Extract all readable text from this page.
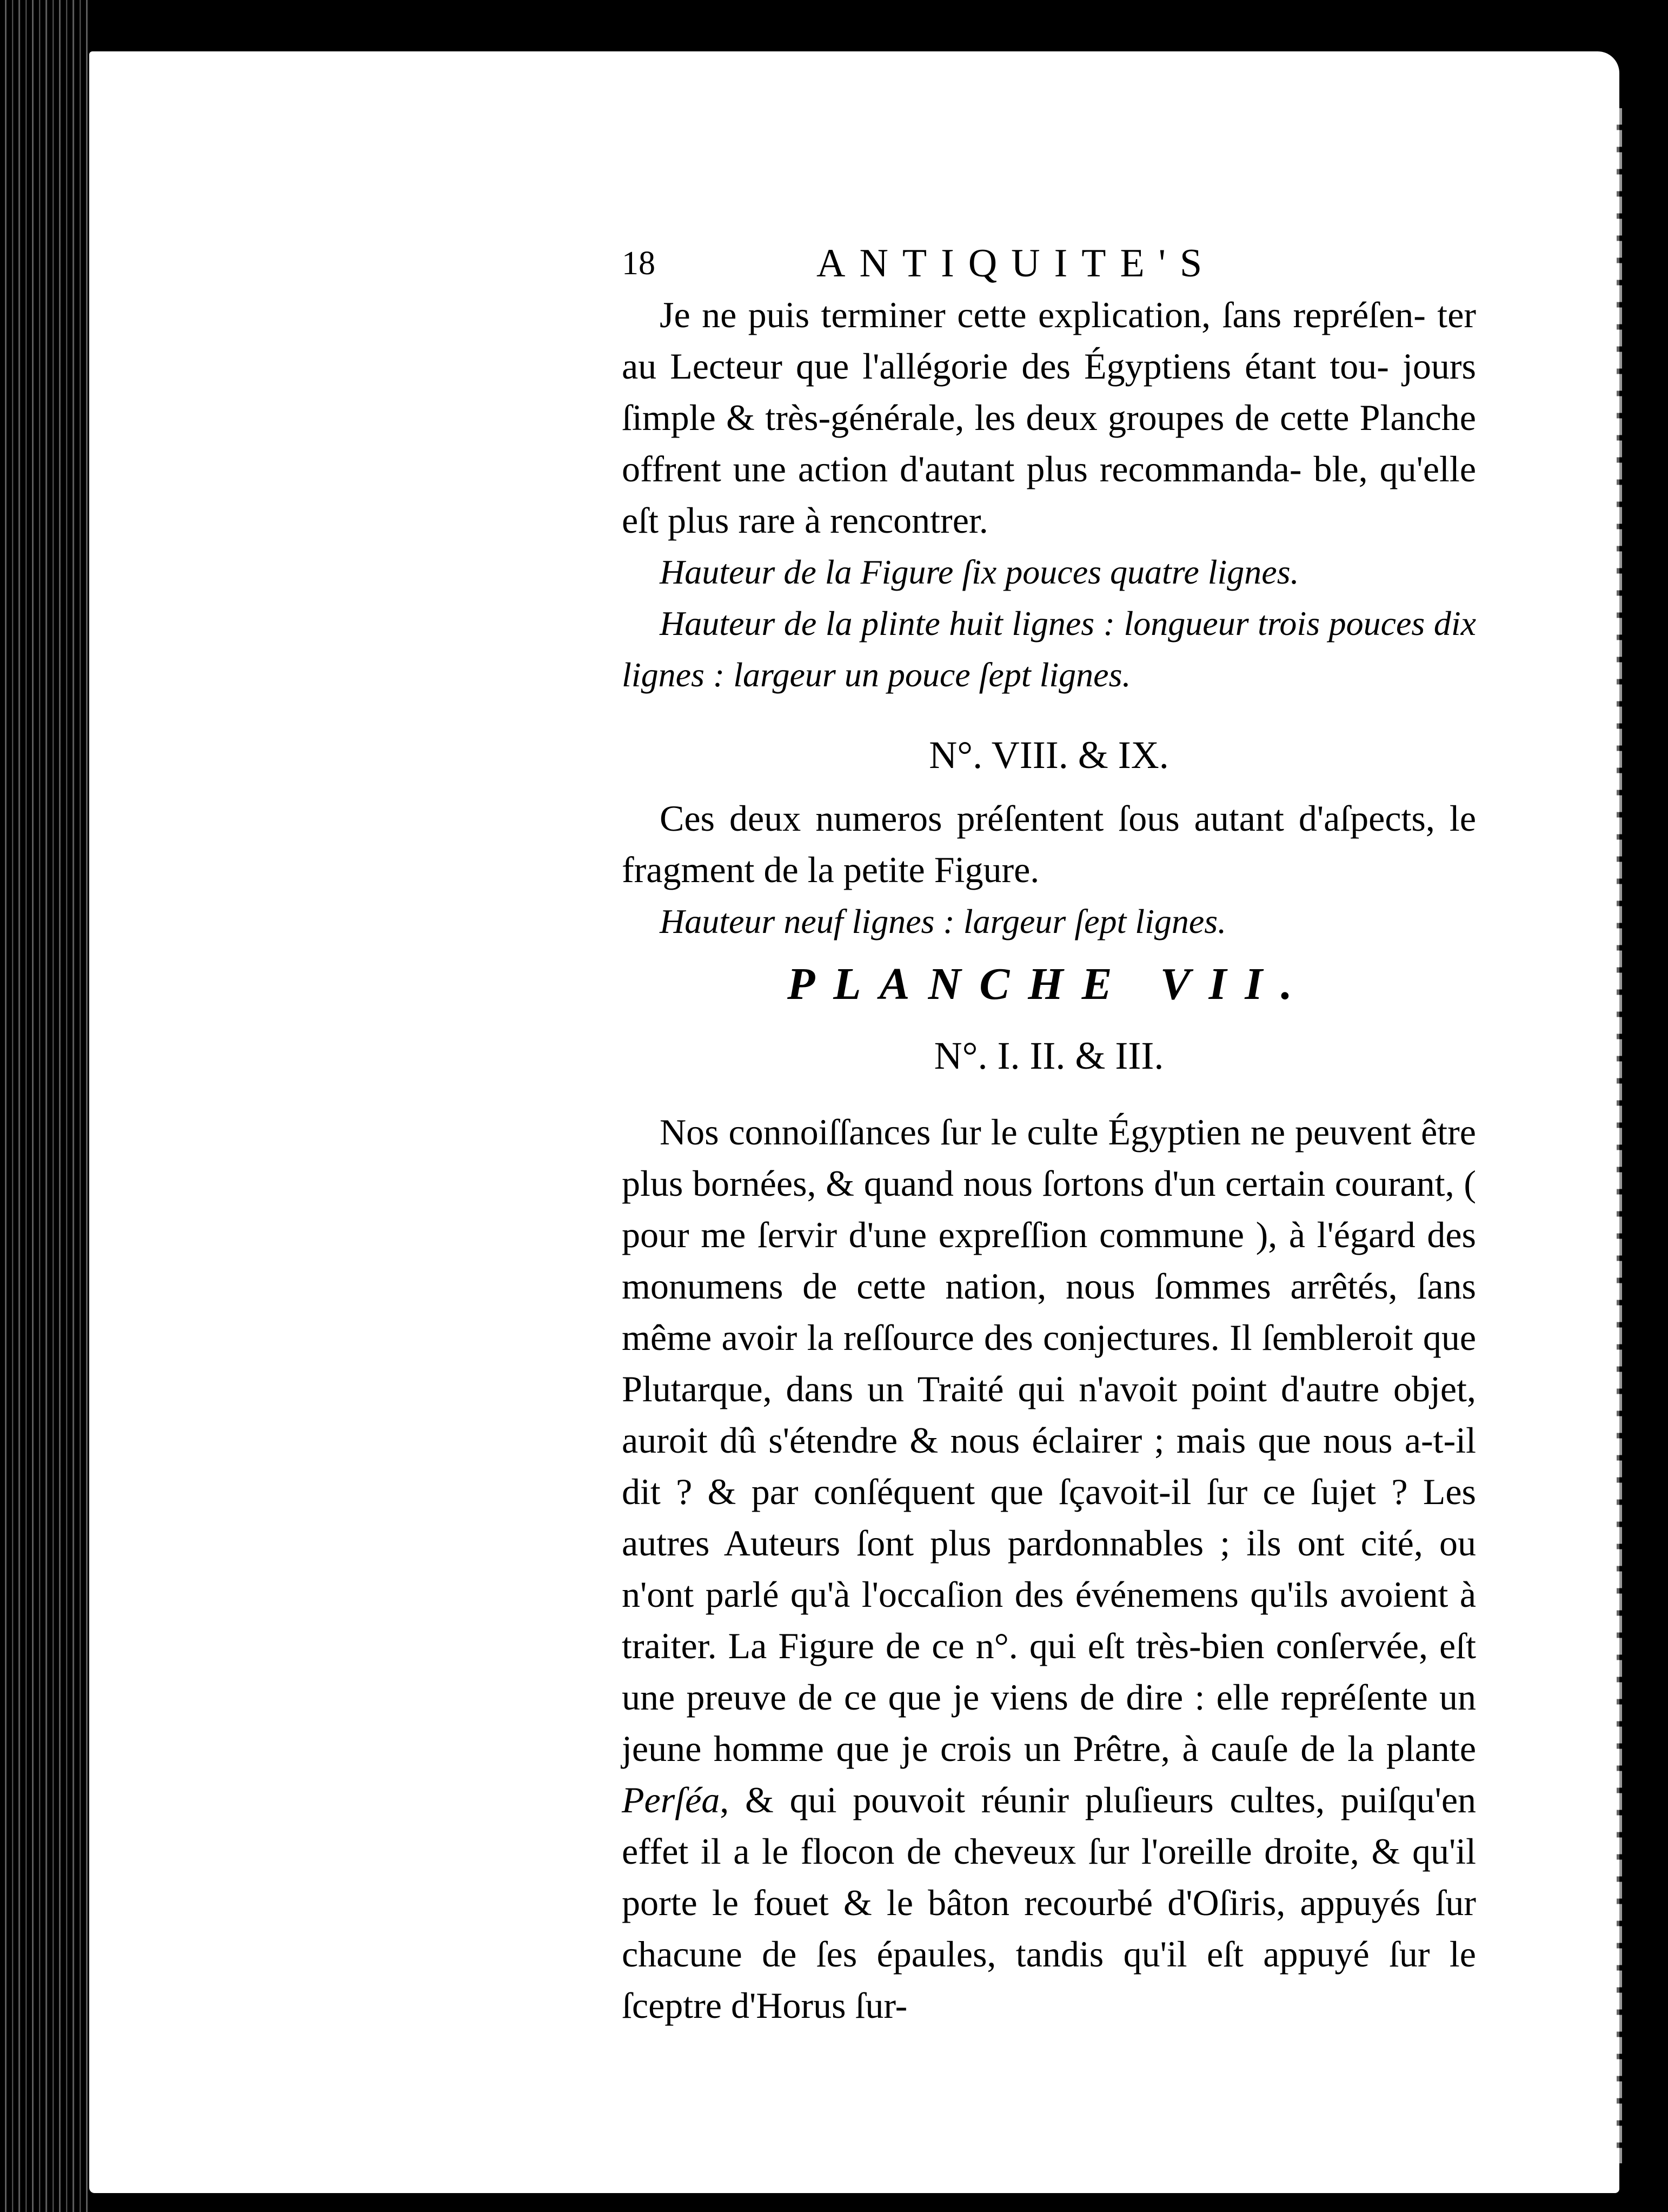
18	ANTIQUITE'S

Je ne puis terminer cette explication, ſans repréſen- ter au Lecteur que l'allégorie des Égyptiens étant tou- jours ſimple & très-générale, les deux groupes de cette Planche offrent une action d'autant plus recommanda- ble, qu'elle eſt plus rare à rencontrer.

Hauteur de la Figure ſix pouces quatre lignes.

Hauteur de la plinte huit lignes : longueur trois pouces dix lignes : largeur un pouce ſept lignes.

N°. VIII. & IX.

Ces deux numeros préſentent ſous autant d'aſpects, le fragment de la petite Figure.

Hauteur neuf lignes : largeur ſept lignes.

PLANCHE VII.

N°. I. II. & III.

Nos connoiſſances ſur le culte Égyptien ne peuvent être plus bornées, & quand nous ſortons d'un certain courant, ( pour me ſervir d'une expreſſion commune ), à l'égard des monumens de cette nation, nous ſommes arrêtés, ſans même avoir la reſſource des conjectures. Il ſembleroit que Plutarque, dans un Traité qui n'avoit point d'autre objet, auroit dû s'étendre & nous éclairer ; mais que nous a-t-il dit ? & par conſéquent que ſçavoit-il ſur ce ſujet ? Les autres Auteurs ſont plus pardonnables ; ils ont cité, ou n'ont parlé qu'à l'occaſion des événemens qu'ils avoient à traiter. La Figure de ce n°. qui eſt très-bien conſervée, eſt une preuve de ce que je viens de dire : elle repréſente un jeune homme que je crois un Prêtre, à cauſe de la plante Perſéa, & qui pouvoit réunir pluſieurs cultes, puiſqu'en effet il a le flocon de cheveux ſur l'oreille droite, & qu'il porte le fouet & le bâton recourbé d'Oſiris, appuyés ſur chacune de ſes épaules, tandis qu'il eſt appuyé ſur le ſceptre d'Horus ſur-
